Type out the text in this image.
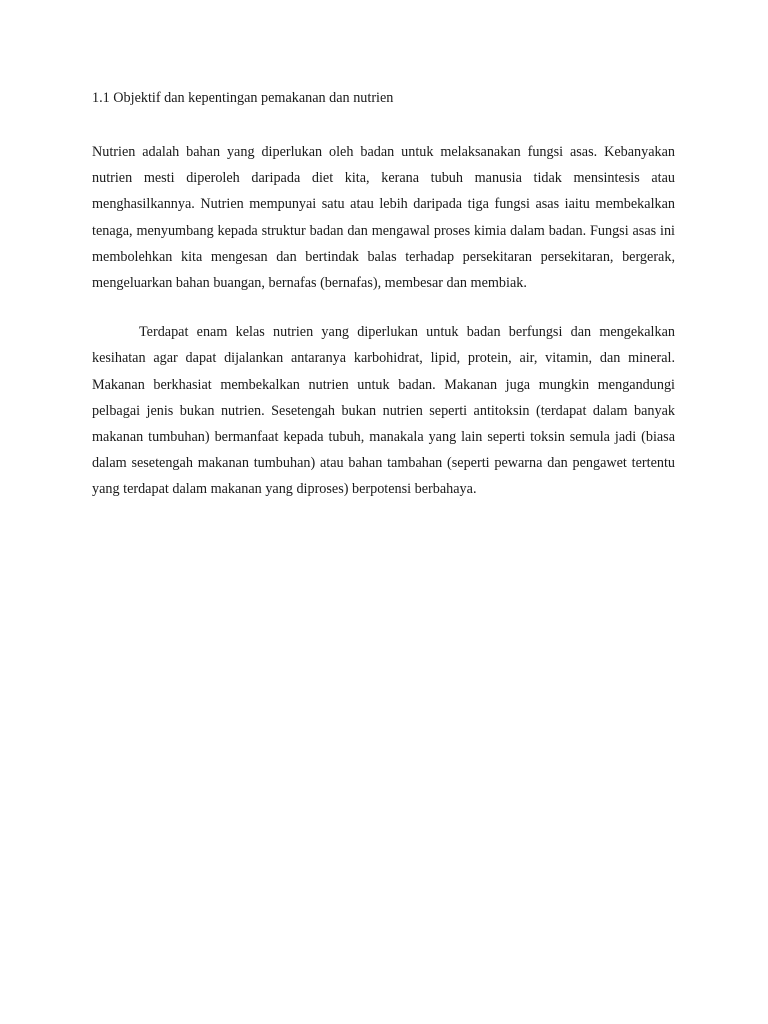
1.1 Objektif dan kepentingan pemakanan dan nutrien

Nutrien adalah bahan yang diperlukan oleh badan untuk melaksanakan fungsi asas. Kebanyakan nutrien mesti diperoleh daripada diet kita, kerana tubuh manusia tidak mensintesis atau menghasilkannya. Nutrien mempunyai satu atau lebih daripada tiga fungsi asas iaitu membekalkan tenaga, menyumbang kepada struktur badan dan mengawal proses kimia dalam badan. Fungsi asas ini membolehkan kita mengesan dan bertindak balas terhadap persekitaran persekitaran, bergerak, mengeluarkan bahan buangan, bernafas (bernafas), membesar dan membiak.

Terdapat enam kelas nutrien yang diperlukan untuk badan berfungsi dan mengekalkan kesihatan agar dapat dijalankan antaranya karbohidrat, lipid, protein, air, vitamin, dan mineral. Makanan berkhasiat membekalkan nutrien untuk badan. Makanan juga mungkin mengandungi pelbagai jenis bukan nutrien. Sesetengah bukan nutrien seperti antitoksin (terdapat dalam banyak makanan tumbuhan) bermanfaat kepada tubuh, manakala yang lain seperti toksin semula jadi (biasa dalam sesetengah makanan tumbuhan) atau bahan tambahan (seperti pewarna dan pengawet tertentu yang terdapat dalam makanan yang diproses) berpotensi berbahaya.
